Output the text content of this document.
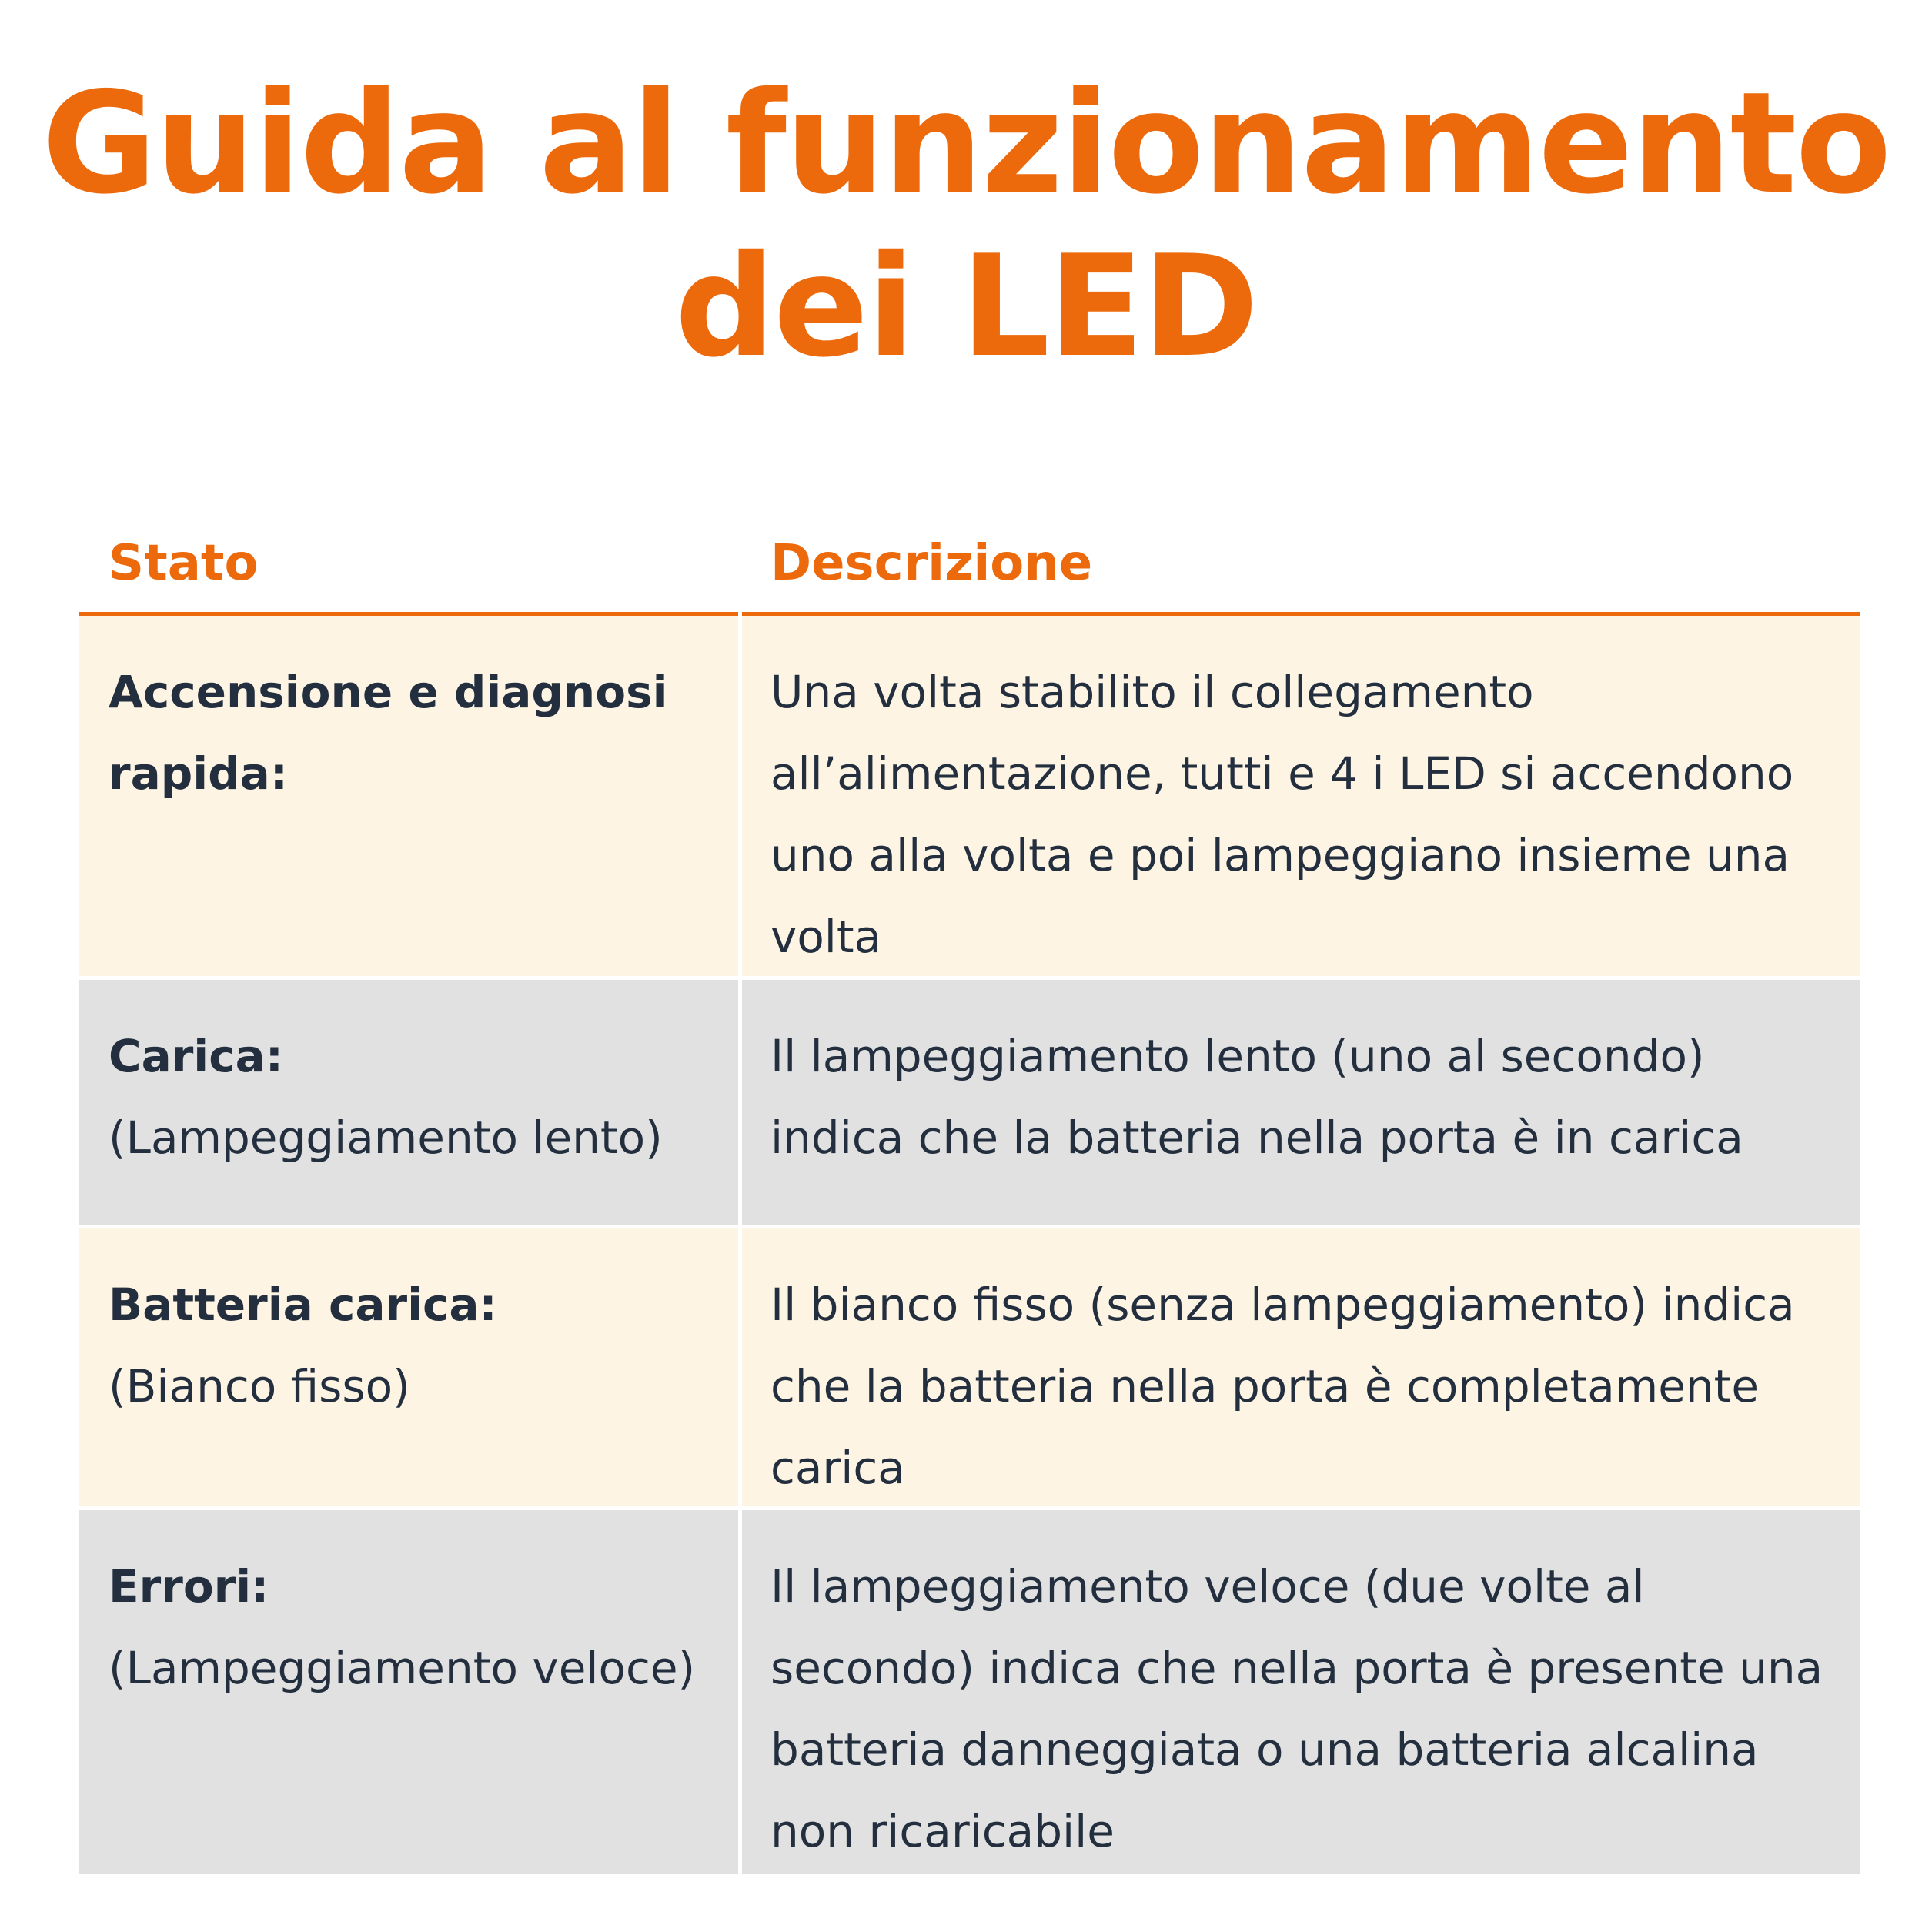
Guida al funzionamento
dei LED
Stato	Descrizione
Accensione e diagnosi rapida:
Una volta stabilito il collegamento all’alimentazione, tutti e 4 i LED si accendono uno alla volta e poi lampeggiano insieme una volta
Carica:
(Lampeggiamento lento)
Il lampeggiamento lento (uno al secondo) indica che la batteria nella porta è in carica
Batteria carica:
(Bianco fisso)
Il bianco fisso (senza lampeggiamento) indica che la batteria nella porta è completamente carica
Errori:
(Lampeggiamento veloce)
Il lampeggiamento veloce (due volte al secondo) indica che nella porta è presente una batteria danneggiata o una batteria alcalina non ricaricabile
